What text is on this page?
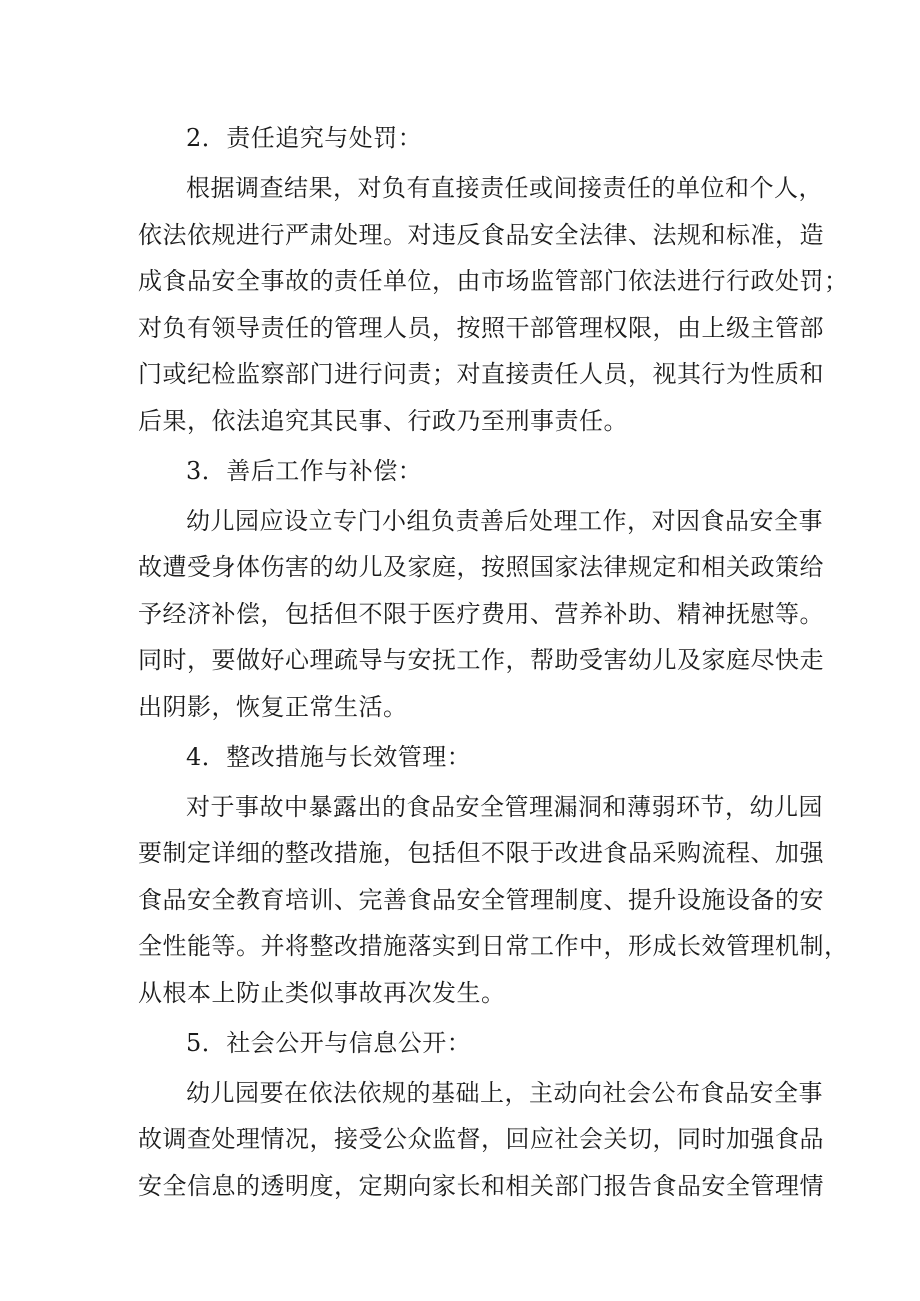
2．责任追究与处罚：
根据调查结果，对负有直接责任或间接责任的单位和个人，
依法依规进行严肃处理。对违反食品安全法律、法规和标准，造
成食品安全事故的责任单位，由市场监管部门依法进行行政处罚；
对负有领导责任的管理人员，按照干部管理权限，由上级主管部
门或纪检监察部门进行问责；对直接责任人员，视其行为性质和
后果，依法追究其民事、行政乃至刑事责任。
3．善后工作与补偿：
幼儿园应设立专门小组负责善后处理工作，对因食品安全事
故遭受身体伤害的幼儿及家庭，按照国家法律规定和相关政策给
予经济补偿，包括但不限于医疗费用、营养补助、精神抚慰等。
同时，要做好心理疏导与安抚工作，帮助受害幼儿及家庭尽快走
出阴影，恢复正常生活。
4．整改措施与长效管理：
对于事故中暴露出的食品安全管理漏洞和薄弱环节，幼儿园
要制定详细的整改措施，包括但不限于改进食品采购流程、加强
食品安全教育培训、完善食品安全管理制度、提升设施设备的安
全性能等。并将整改措施落实到日常工作中，形成长效管理机制，
从根本上防止类似事故再次发生。
5．社会公开与信息公开：
幼儿园要在依法依规的基础上，主动向社会公布食品安全事
故调查处理情况，接受公众监督，回应社会关切，同时加强食品
安全信息的透明度，定期向家长和相关部门报告食品安全管理情
